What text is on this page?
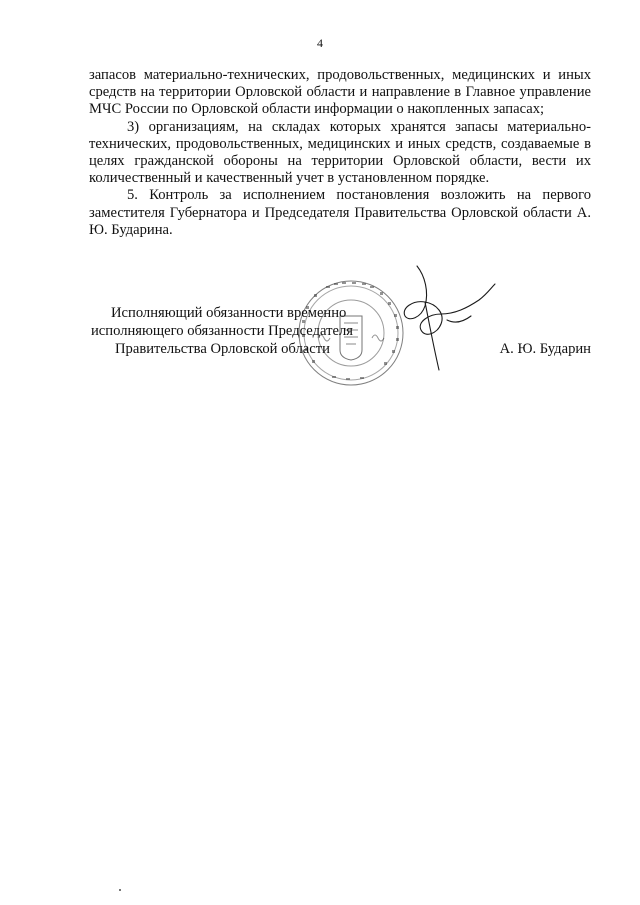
4

запасов материально-технических, продовольственных, медицинских и иных средств на территории Орловской области и направление в Главное управление МЧС России по Орловской области информации о накопленных запасах;

3) организациям, на складах которых хранятся запасы материально-технических, продовольственных, медицинских и иных средств, создаваемые в целях гражданской обороны на территории Орловской области, вести их количественный и качественный учет в установленном порядке.

5. Контроль за исполнением постановления возложить на первого заместителя Губернатора и Председателя Правительства Орловской области А. Ю. Бударина.

Исполняющий обязанности временно
исполняющего обязанности Председателя
Правительства Орловской области	А. Ю. Бударин
